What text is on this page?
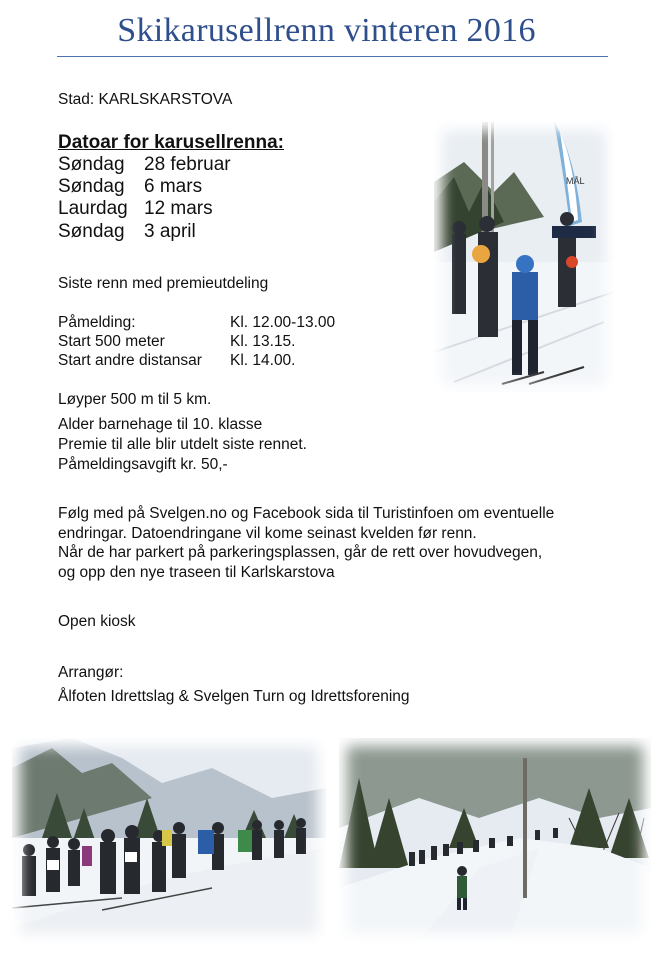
Skikarusellrenn vinteren 2016
Stad: KARLSKARSTOVA
Datoar for karusellrenna:
Søndag 28 februar
Søndag 6 mars
Laurdag 12 mars
Søndag 3 april
Siste renn med premieutdeling
Påmelding:	Kl. 12.00-13.00
Start 500 meter	Kl. 13.15.
Start andre distansar Kl. 14.00.
Løyper 500 m til 5 km.
Alder barnehage til 10. klasse
Premie til alle blir utdelt siste rennet.
Påmeldingsavgift kr. 50,-
Følg med på Svelgen.no og Facebook sida til Turistinfoen om eventuelle
endringar. Datoendringane vil kome seinast kvelden før renn.
Når de har parkert på parkeringsplassen, går de rett over hovudvegen,
og opp den nye traseen til Karlskarstova
Open kiosk
Arrangør:
Ålfoten Idrettslag & Svelgen Turn og Idrettsforening
MÅL
